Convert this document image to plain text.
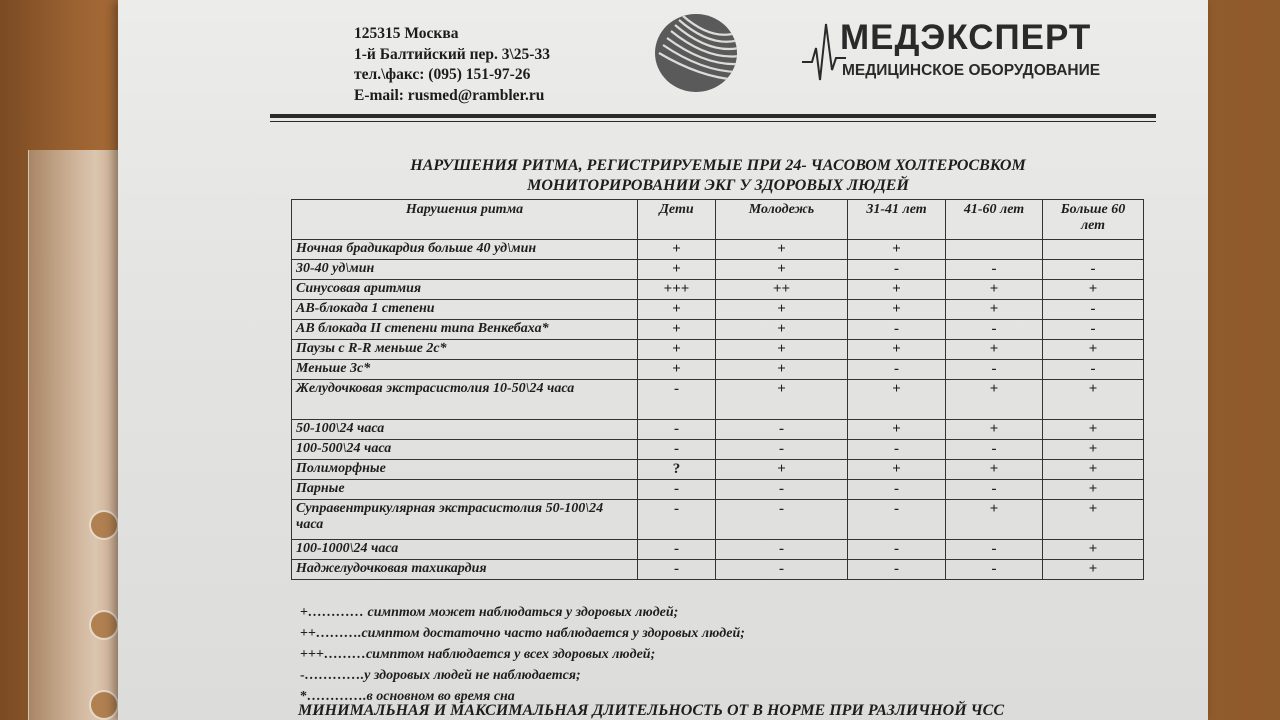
125315 Москва
1-й Балтийский пер. 3\25-33
тел.\факс: (095) 151-97-26
E-mail: rusmed@rambler.ru
МЕДЭКСПЕРТ
МЕДИЦИНСКОЕ ОБОРУДОВАНИЕ
НАРУШЕНИЯ РИТМА, РЕГИСТРИРУЕМЫЕ ПРИ 24- ЧАСОВОМ ХОЛТЕРОСВКОМ
МОНИТОРИРОВАНИИ ЭКГ У ЗДОРОВЫХ ЛЮДЕЙ
Нарушения ритма	Дети	Молодежь	31-41 лет	41-60 лет	Больше 60 лет
Ночная брадикардия больше 40 уд\мин	+	+	+		
30-40 уд\мин	+	+	-	-	-
Синусовая аритмия	+++	++	+	+	+
АВ-блокада 1 степени	+	+	+	+	-
АВ блокада II степени типа Венкебаха*	+	+	-	-	-
Паузы с R-R меньше 2с*	+	+	+	+	+
Меньше 3с*	+	+	-	-	-
Желудочковая экстрасистолия 10-50\24 часа	-	+	+	+	+
50-100\24 часа	-	-	+	+	+
100-500\24 часа	-	-	-	-	+
Полиморфные	?	+	+	+	+
Парные	-	-	-	-	+
Суправентрикулярная экстрасистолия 50-100\24 часа	-	-	-	+	+
100-1000\24 часа	-	-	-	-	+
Наджелудочковая тахикардия	-	-	-	-	+
+………… симптом может наблюдаться у здоровых людей;
++……….симптом достаточно часто наблюдается у здоровых людей;
+++………симптом наблюдается у всех здоровых людей;
-………….у здоровых людей не наблюдается;
*………….в основном во время сна
МИНИМАЛЬНАЯ И МАКСИМАЛЬНАЯ ДЛИТЕЛЬНОСТЬ ОТ В НОРМЕ ПРИ РАЗЛИЧНОЙ ЧСС
